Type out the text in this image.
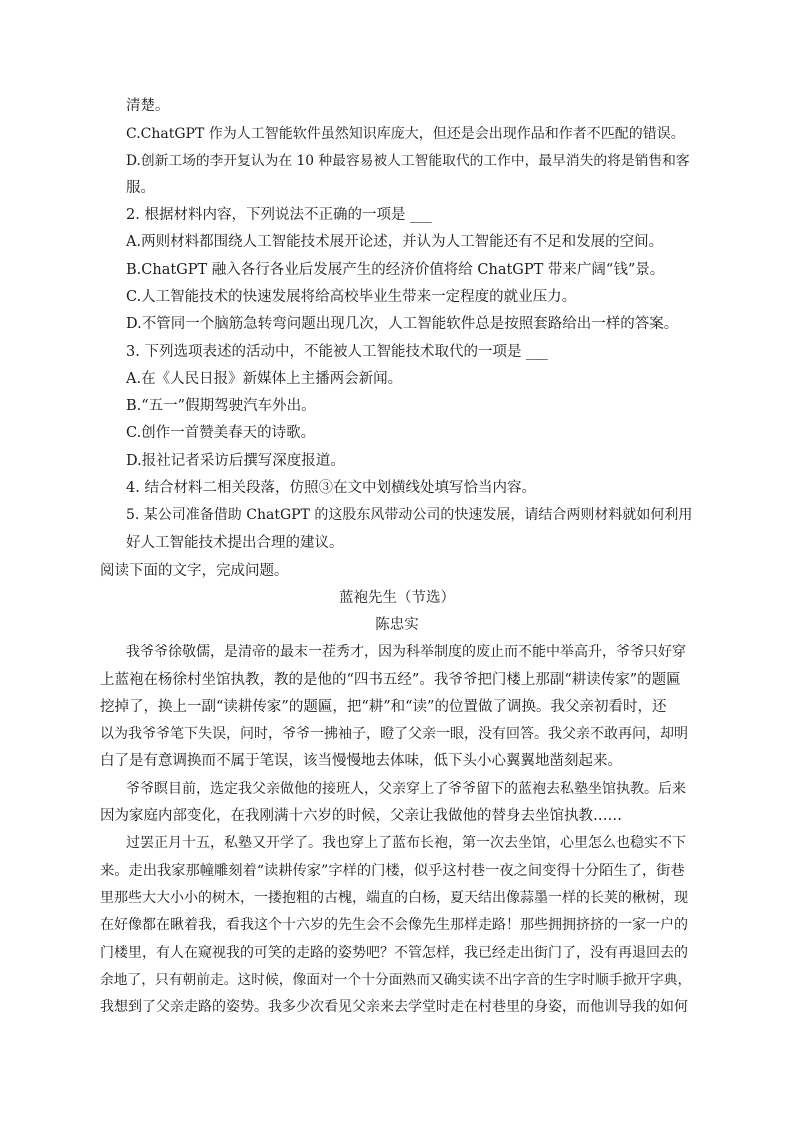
清楚。
C.ChatGPT 作为人工智能软件虽然知识库庞大，但还是会出现作品和作者不匹配的错误。
D.创新工场的李开复认为在 10 种最容易被人工智能取代的工作中，最早消失的将是销售和客
服。
2. 根据材料内容，下列说法不正确的一项是 ___
A.两则材料都围绕人工智能技术展开论述，并认为人工智能还有不足和发展的空间。
B.ChatGPT 融入各行各业后发展产生的经济价值将给 ChatGPT 带来广阔“钱”景。
C.人工智能技术的快速发展将给高校毕业生带来一定程度的就业压力。
D.不管同一个脑筋急转弯问题出现几次，人工智能软件总是按照套路给出一样的答案。
3. 下列选项表述的活动中，不能被人工智能技术取代的一项是 ___
A.在《人民日报》新媒体上主播两会新闻。
B.“五一”假期驾驶汽车外出。
C.创作一首赞美春天的诗歌。
D.报社记者采访后撰写深度报道。
4. 结合材料二相关段落，仿照③在文中划横线处填写恰当内容。
5. 某公司准备借助 ChatGPT 的这股东风带动公司的快速发展，请结合两则材料就如何利用
好人工智能技术提出合理的建议。
阅读下面的文字，完成问题。
蓝袍先生（节选）
陈忠实
我爷爷徐敬儒，是清帝的最末一茬秀才，因为科举制度的废止而不能中举高升，爷爷只好穿
上蓝袍在杨徐村坐馆执教，教的是他的“四书五经”。我爷爷把门楼上那副“耕读传家”的题匾
挖掉了，换上一副“读耕传家”的题匾，把“耕”和“读”的位置做了调换。我父亲初看时，还
以为我爷爷笔下失误，问时，爷爷一拂袖子，瞪了父亲一眼，没有回答。我父亲不敢再问，却明
白了是有意调换而不属于笔误，该当慢慢地去体味，低下头小心翼翼地凿刻起来。
爷爷瞑目前，选定我父亲做他的接班人，父亲穿上了爷爷留下的蓝袍去私塾坐馆执教。后来
因为家庭内部变化，在我刚满十六岁的时候，父亲让我做他的替身去坐馆执教……
过罢正月十五，私塾又开学了。我也穿上了蓝布长袍，第一次去坐馆，心里怎么也稳实不下
来。走出我家那幢雕刻着“读耕传家”字样的门楼，似乎这村巷一夜之间变得十分陌生了，街巷
里那些大大小小的树木，一搂抱粗的古槐，端直的白杨，夏天结出像蒜墨一样的长荚的楸树，现
在好像都在瞅着我，看我这个十六岁的先生会不会像先生那样走路！那些拥拥挤挤的一家一户的
门楼里，有人在窥视我的可笑的走路的姿势吧？不管怎样，我已经走出街门了，没有再退回去的
余地了，只有朝前走。这时候，像面对一个十分面熟而又确实读不出字音的生字时顺手掀开字典，
我想到了父亲走路的姿势。我多少次看见父亲来去学堂时走在村巷里的身姿，而他训导我的如何
